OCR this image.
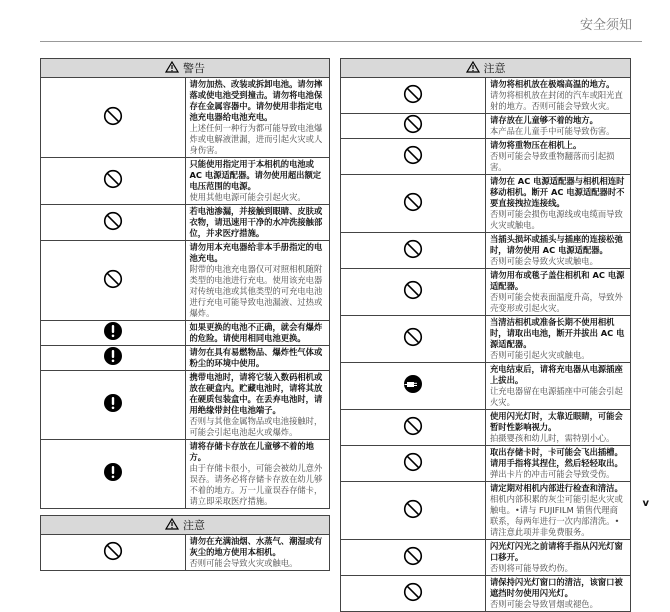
安全须知
警告	

请勿加热、改装或拆卸电池。请勿摔落或使电池受到撞击。请勿将电池保存在金属容器中。请勿使用非指定电池充电器给电池充电。
上述任何一种行为都可能导致电池爆炸或电解液泄漏，进而引起火灾或人身伤害。

只能使用指定用于本相机的电池或 AC 电源适配器。请勿使用超出额定电压范围的电源。
使用其他电源可能会引起火灾。

若电池渗漏，并接触到眼睛、皮肤或衣物，请迅速用干净的水冲洗接触部位，并求医疗措施。

请勿用本充电器给非本手册指定的电池充电。
附带的电池充电器仅可对照相机随附类型的电池进行充电。使用该充电器对传统电池或其他类型的可充电电池进行充电可能导致电池漏液、过热或爆炸。

如果更换的电池不正确，就会有爆炸的危险。请使用相同电池更换。

请勿在具有易燃物品、爆炸性气体或粉尘的环境中使用。

携带电池时，请将它装入数码相机或放在硬盒内。贮藏电池时，请将其放在硬质包装盒中。在丢弃电池时，请用绝缘带封住电池端子。
否则与其他金属物品或电池接触时，可能会引起电池起火或爆炸。

请将存储卡存放在儿童够不着的地方。
由于存储卡很小，可能会被幼儿意外误吞。请务必将存储卡存放在幼儿够不着的地方。万一儿童误吞存储卡，请立即采取医疗措施。
注意

请勿在充满油烟、水蒸气、潮湿或有灰尘的地方使用本相机。
否则可能会导致火灾或触电。
注意	

请勿将相机放在极端高温的地方。
请勿将相机放在封闭的汽车或阳光直射的地方。否则可能会导致火灾。

请存放在儿童够不着的地方。
本产品在儿童手中可能导致伤害。

请勿将重物压在相机上。
否则可能会导致重物翻落而引起损害。

请勿在 AC 电源适配器与相机相连时移动相机。断开 AC 电源适配器时不要直接拽拉连接线。
否则可能会损伤电源线或电缆而导致火灾或触电。

当插头损坏或插头与插座的连接松弛时，请勿使用 AC 电源适配器。
否则可能会导致火灾或触电。

请勿用布或毯子盖住相机和 AC 电源适配器。
否则可能会使表面温度升高，导致外壳变形或引起火灾。

当清洁相机或准备长期不使用相机时，请取出电池，断开并拔出 AC 电源适配器。
否则可能引起火灾或触电。

充电结束后，请将充电器从电源插座上拔出。
让充电器留在电源插座中可能会引起火灾。

使用闪光灯时，太靠近眼睛，可能会暂时性影响视力。
拍摄婴孩和幼儿时，需特别小心。

取出存储卡时，卡可能会飞出插槽。请用手指将其捏住，然后轻轻取出。
弹出卡片的冲击可能会导致受伤。

请定期对相机内部进行检查和清洁。
相机内部积累的灰尘可能引起火灾或触电。•请与 FUJIFILM 销售代理商联系，每两年进行一次内部清洗。•请注意此项并非免费服务。

闪光灯闪光之前请将手指从闪光灯窗口移开。
否则将可能导致灼伤。

请保持闪光灯窗口的清洁，该窗口被遮挡时勿使用闪光灯。
否则可能会导致冒烟或褪色。
v
